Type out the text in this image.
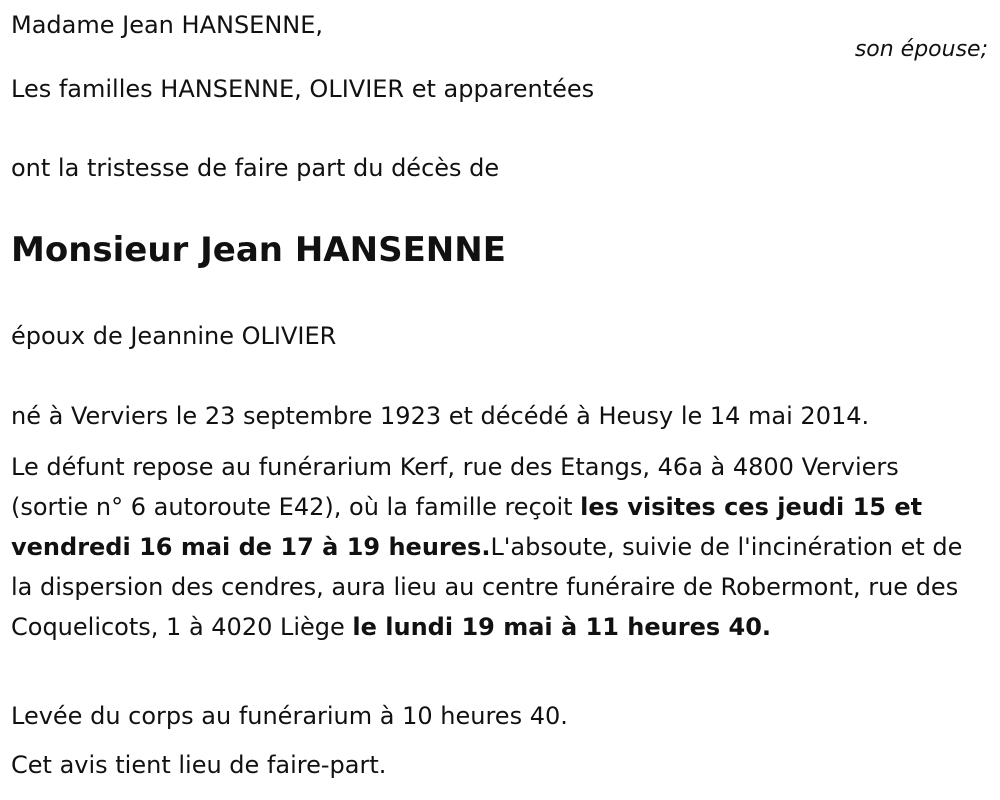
Madame Jean HANSENNE,
son épouse;
Les familles HANSENNE, OLIVIER et apparentées
ont la tristesse de faire part du décès de
Monsieur Jean HANSENNE
époux de Jeannine OLIVIER
né à Verviers le 23 septembre 1923 et décédé à Heusy le 14 mai 2014.
Le défunt repose au funérarium Kerf, rue des Etangs, 46a à 4800 Verviers (sortie n° 6 autoroute E42), où la famille reçoit les visites ces jeudi 15 et vendredi 16 mai de 17 à 19 heures.L'absoute, suivie de l'incinération et de la dispersion des cendres, aura lieu au centre funéraire de Robermont, rue des Coquelicots, 1 à 4020 Liège le lundi 19 mai à 11 heures 40.
Levée du corps au funérarium à 10 heures 40.
Cet avis tient lieu de faire-part.
